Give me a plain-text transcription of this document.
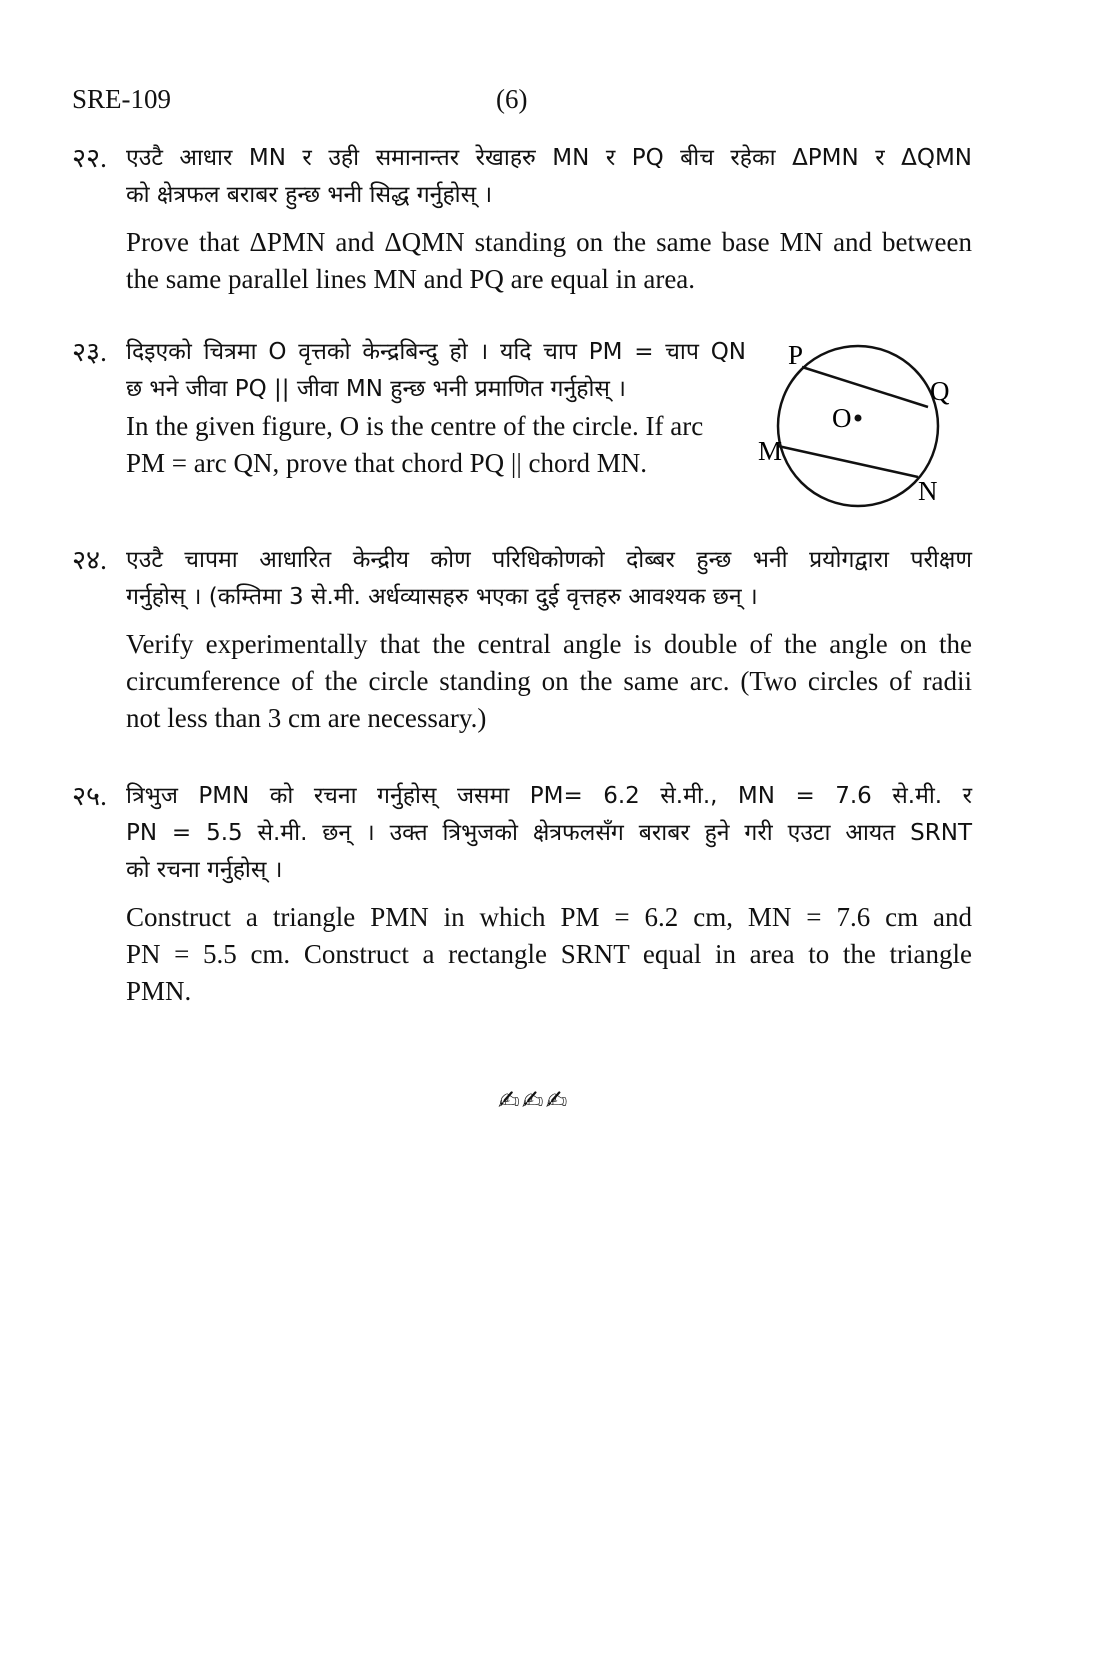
SRE-109	(6)
२२. एउटै आधार MN र उही समानान्तर रेखाहरु MN र PQ बीच रहेका ΔPMN र ΔQMN
को क्षेत्रफल बराबर हुन्छ भनी सिद्ध गर्नुहोस् ।
Prove that ΔPMN and ΔQMN standing on the same base MN and between
the same parallel lines MN and PQ are equal in area.
२३. दिइएको चित्रमा O वृत्तको केन्द्रबिन्दु हो । यदि चाप PM = चाप QN
छ भने जीवा PQ || जीवा MN हुन्छ भनी प्रमाणित गर्नुहोस् ।
In the given figure, O is the centre of the circle. If arc
PM = arc QN, prove that chord PQ || chord MN.
P
Q
O
M
N
२४. एउटै चापमा आधारित केन्द्रीय कोण परिधिकोणको दोब्बर हुन्छ भनी प्रयोगद्वारा परीक्षण
गर्नुहोस् । (कम्तिमा 3 से.मी. अर्धव्यासहरु भएका दुई वृत्तहरु आवश्यक छन् ।
Verify experimentally that the central angle is double of the angle on the
circumference of the circle standing on the same arc. (Two circles of radii
not less than 3 cm are necessary.)
२५. त्रिभुज PMN को रचना गर्नुहोस् जसमा PM= 6.2 से.मी., MN = 7.6 से.मी. र
PN = 5.5 से.मी. छन् । उक्त त्रिभुजको क्षेत्रफलसँग बराबर हुने गरी एउटा आयत SRNT
को रचना गर्नुहोस् ।
Construct a triangle PMN in which PM = 6.2 cm, MN = 7.6 cm and
PN = 5.5 cm. Construct a rectangle SRNT equal in area to the triangle
PMN.
✍✍✍
